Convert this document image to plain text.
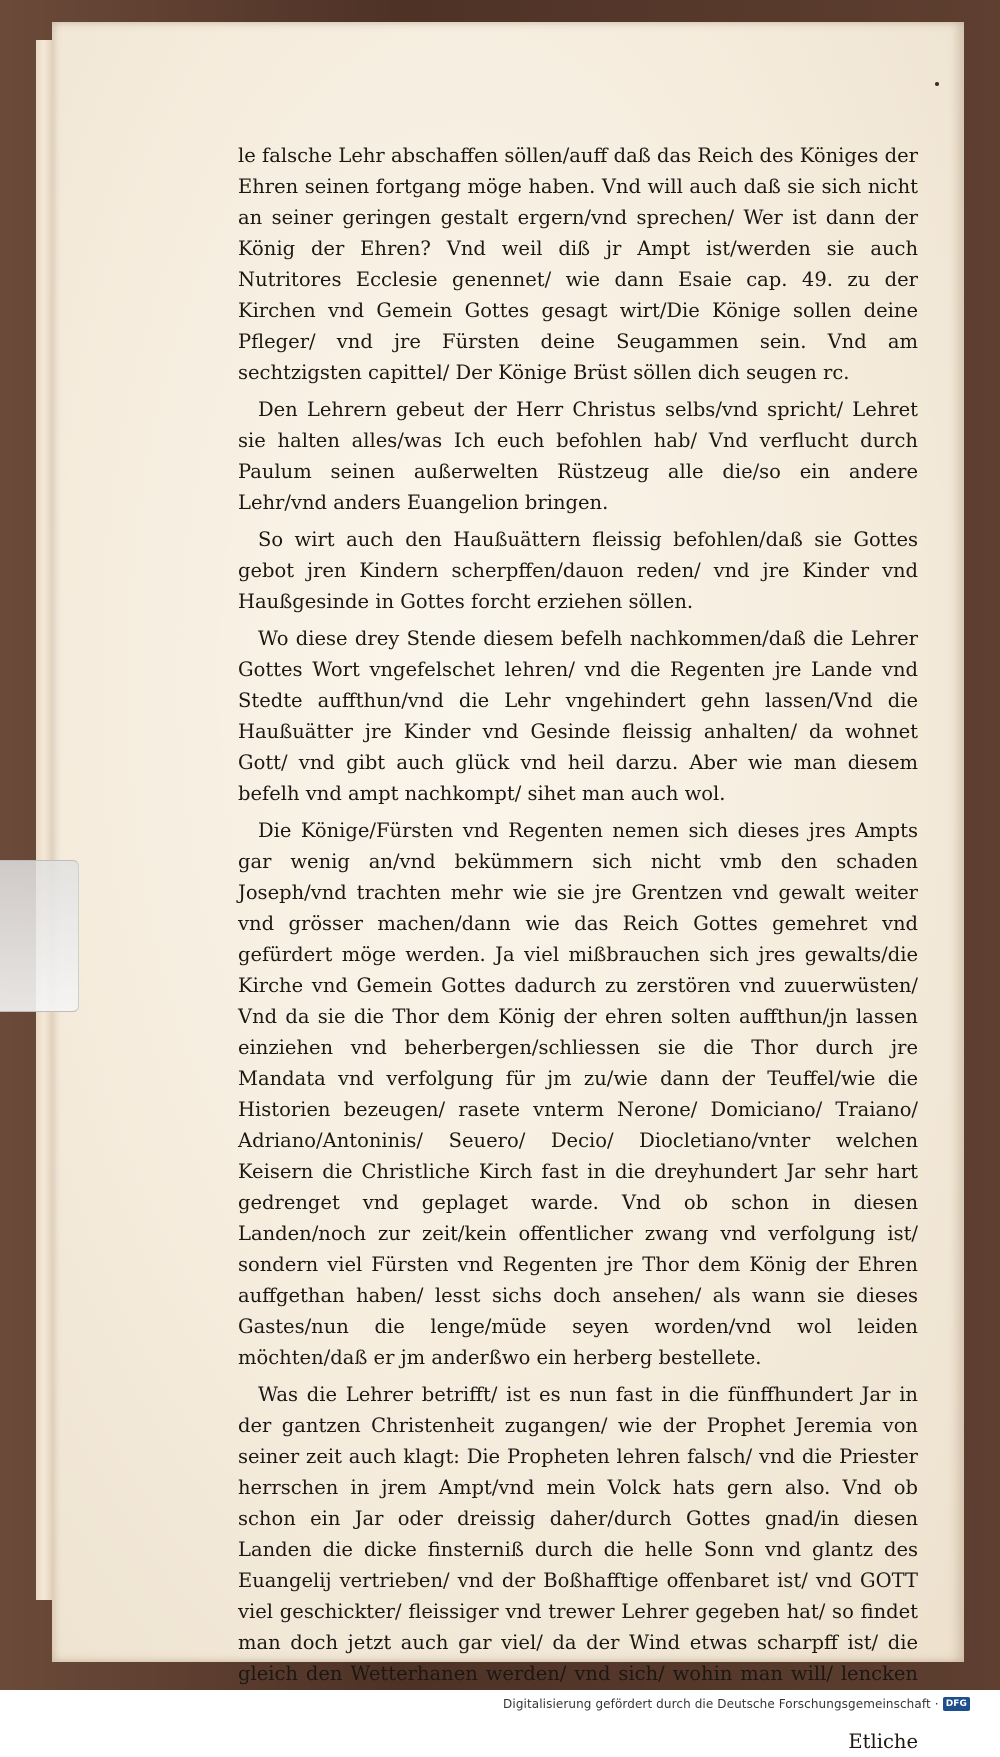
le falsche Lehr abschaffen söllen/auff daß das Reich des Königes der Ehren seinen fortgang möge haben. Vnd will auch daß sie sich nicht an seiner geringen gestalt ergern/vnd sprechen/ Wer ist dann der König der Ehren? Vnd weil diß jr Ampt ist/werden sie auch Nutritores Ecclesie genennet/ wie dann Esaie cap. 49. zu der Kirchen vnd Gemein Gottes gesagt wirt/Die Könige sollen deine Pfleger/ vnd jre Fürsten deine Seugammen sein. Vnd am sechtzigsten capittel/ Der Könige Brüst söllen dich seugen rc.

Den Lehrern gebeut der Herr Christus selbs/vnd spricht/ Lehret sie halten alles/was Ich euch befohlen hab/ Vnd verflucht durch Paulum seinen außerwelten Rüstzeug alle die/so ein andere Lehr/vnd anders Euangelion bringen.

So wirt auch den Haußuättern fleissig befohlen/daß sie Gottes gebot jren Kindern scherpffen/dauon reden/ vnd jre Kinder vnd Haußgesinde in Gottes forcht erziehen söllen.

Wo diese drey Stende diesem befelh nachkommen/daß die Lehrer Gottes Wort vngefelschet lehren/ vnd die Regenten jre Lande vnd Stedte auffthun/vnd die Lehr vngehindert gehn lassen/Vnd die Haußuätter jre Kinder vnd Gesinde fleissig anhalten/ da wohnet Gott/ vnd gibt auch glück vnd heil darzu. Aber wie man diesem befelh vnd ampt nachkompt/ sihet man auch wol.

Die Könige/Fürsten vnd Regenten nemen sich dieses jres Ampts gar wenig an/vnd bekümmern sich nicht vmb den schaden Joseph/vnd trachten mehr wie sie jre Grentzen vnd gewalt weiter vnd grösser machen/dann wie das Reich Gottes gemehret vnd gefürdert möge werden. Ja viel mißbrauchen sich jres gewalts/die Kirche vnd Gemein Gottes dadurch zu zerstören vnd zuuerwüsten/ Vnd da sie die Thor dem König der ehren solten auffthun/jn lassen einziehen vnd beherbergen/schliessen sie die Thor durch jre Mandata vnd verfolgung für jm zu/wie dann der Teuffel/wie die Historien bezeugen/ rasete vnterm Nerone/ Domiciano/ Traiano/ Adriano/Antoninis/ Seuero/ Decio/ Diocletiano/vnter welchen Keisern die Christliche Kirch fast in die dreyhundert Jar sehr hart gedrenget vnd geplaget warde. Vnd ob schon in diesen Landen/noch zur zeit/kein offentlicher zwang vnd verfolgung ist/ sondern viel Fürsten vnd Regenten jre Thor dem König der Ehren auffgethan haben/ lesst sichs doch ansehen/ als wann sie dieses Gastes/nun die lenge/müde seyen worden/vnd wol leiden möchten/daß er jm anderßwo ein herberg bestellete.

Was die Lehrer betrifft/ ist es nun fast in die fünffhundert Jar in der gantzen Christenheit zugangen/ wie der Prophet Jeremia von seiner zeit auch klagt: Die Propheten lehren falsch/ vnd die Priester herrschen in jrem Ampt/vnd mein Volck hats gern also. Vnd ob schon ein Jar oder dreissig daher/durch Gottes gnad/in diesen Landen die dicke finsterniß durch die helle Sonn vnd glantz des Euangelij vertrieben/ vnd der Boßhafftige offenbaret ist/ vnd GOTT viel geschickter/ fleissiger vnd trewer Lehrer gegeben hat/ so findet man doch jetzt auch gar viel/ da der Wind etwas scharpff ist/ die gleich den Wetterhanen werden/ vnd sich/ wohin man will/ lencken

Etliche
Digitalisierung gefördert durch die Deutsche Forschungsgemeinschaft · DFG
